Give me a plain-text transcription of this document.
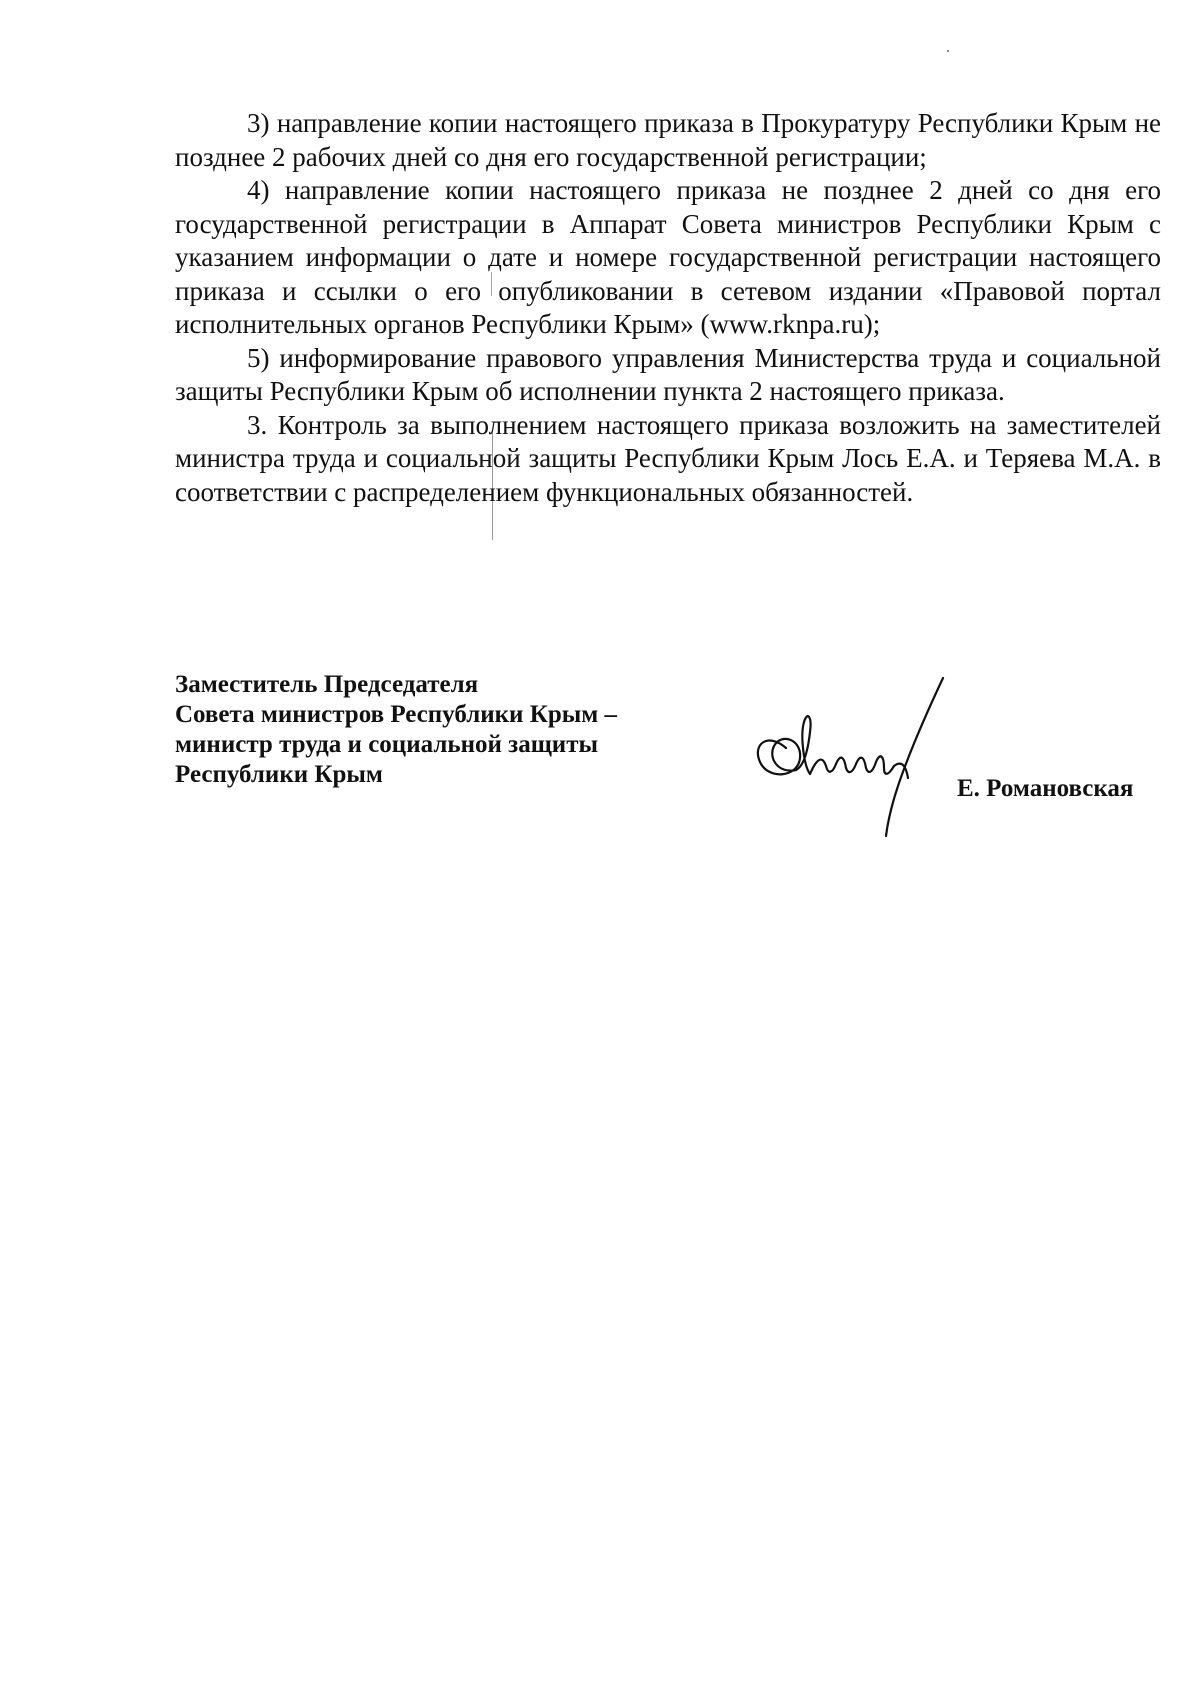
3) направление копии настоящего приказа в Прокуратуру Республики Крым не позднее 2 рабочих дней со дня его государственной регистрации;

4) направление копии настоящего приказа не позднее 2 дней со дня его государственной регистрации в Аппарат Совета министров Республики Крым с указанием информации о дате и номере государственной регистрации настоящего приказа и ссылки о его опубликовании в сетевом издании «Правовой портал исполнительных органов Республики Крым» (www.rknpa.ru);

5) информирование правового управления Министерства труда и социальной защиты Республики Крым об исполнении пункта 2 настоящего приказа.

3. Контроль за выполнением настоящего приказа возложить на заместителей министра труда и социальной защиты Республики Крым Лось Е.А. и Теряева М.А. в соответствии с распределением функциональных обязанностей.

Заместитель Председателя
Совета министров Республики Крым –
министр труда и социальной защиты
Республики Крым
Е. Романовская
